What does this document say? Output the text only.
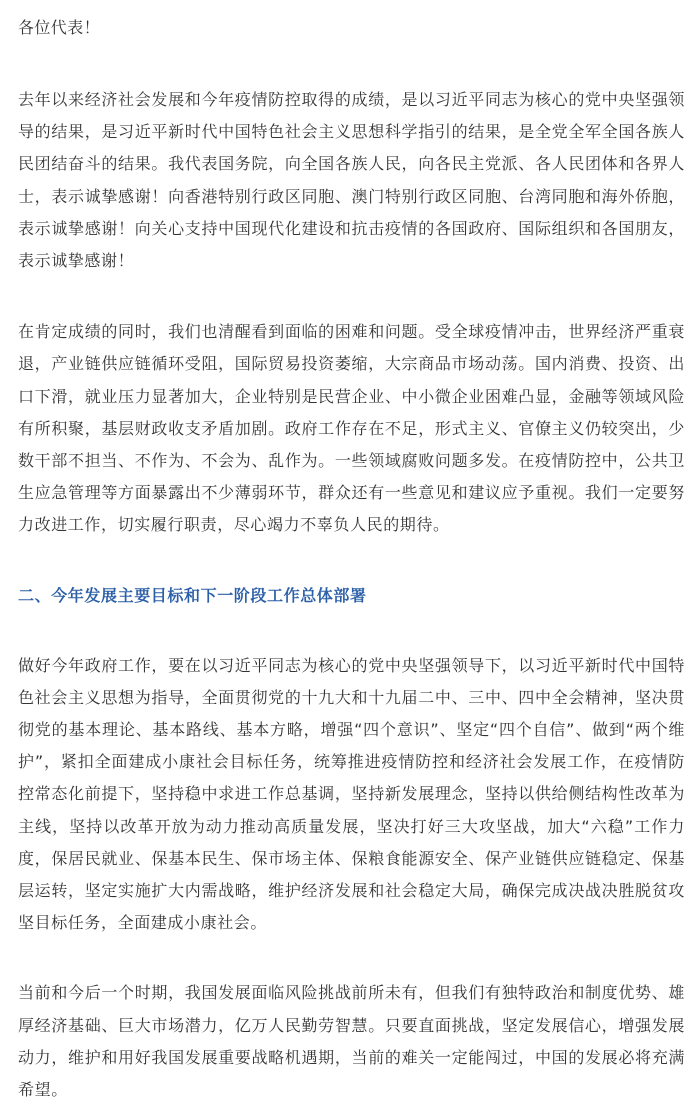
各位代表！

去年以来经济社会发展和今年疫情防控取得的成绩，是以习近平同志为核心的党中央坚强领导的结果，是习近平新时代中国特色社会主义思想科学指引的结果，是全党全军全国各族人民团结奋斗的结果。我代表国务院，向全国各族人民，向各民主党派、各人民团体和各界人士，表示诚挚感谢！向香港特别行政区同胞、澳门特别行政区同胞、台湾同胞和海外侨胞，表示诚挚感谢！向关心支持中国现代化建设和抗击疫情的各国政府、国际组织和各国朋友，表示诚挚感谢！

在肯定成绩的同时，我们也清醒看到面临的困难和问题。受全球疫情冲击，世界经济严重衰退，产业链供应链循环受阻，国际贸易投资萎缩，大宗商品市场动荡。国内消费、投资、出口下滑，就业压力显著加大，企业特别是民营企业、中小微企业困难凸显，金融等领域风险有所积聚，基层财政收支矛盾加剧。政府工作存在不足，形式主义、官僚主义仍较突出，少数干部不担当、不作为、不会为、乱作为。一些领域腐败问题多发。在疫情防控中，公共卫生应急管理等方面暴露出不少薄弱环节，群众还有一些意见和建议应予重视。我们一定要努力改进工作，切实履行职责，尽心竭力不辜负人民的期待。

二、今年发展主要目标和下一阶段工作总体部署

做好今年政府工作，要在以习近平同志为核心的党中央坚强领导下，以习近平新时代中国特色社会主义思想为指导，全面贯彻党的十九大和十九届二中、三中、四中全会精神，坚决贯彻党的基本理论、基本路线、基本方略，增强“四个意识”、坚定“四个自信”、做到“两个维护”，紧扣全面建成小康社会目标任务，统筹推进疫情防控和经济社会发展工作，在疫情防控常态化前提下，坚持稳中求进工作总基调，坚持新发展理念，坚持以供给侧结构性改革为主线，坚持以改革开放为动力推动高质量发展，坚决打好三大攻坚战，加大“六稳”工作力度，保居民就业、保基本民生、保市场主体、保粮食能源安全、保产业链供应链稳定、保基层运转，坚定实施扩大内需战略，维护经济发展和社会稳定大局，确保完成决战决胜脱贫攻坚目标任务，全面建成小康社会。

当前和今后一个时期，我国发展面临风险挑战前所未有，但我们有独特政治和制度优势、雄厚经济基础、巨大市场潜力，亿万人民勤劳智慧。只要直面挑战，坚定发展信心，增强发展动力，维护和用好我国发展重要战略机遇期，当前的难关一定能闯过，中国的发展必将充满希望。
